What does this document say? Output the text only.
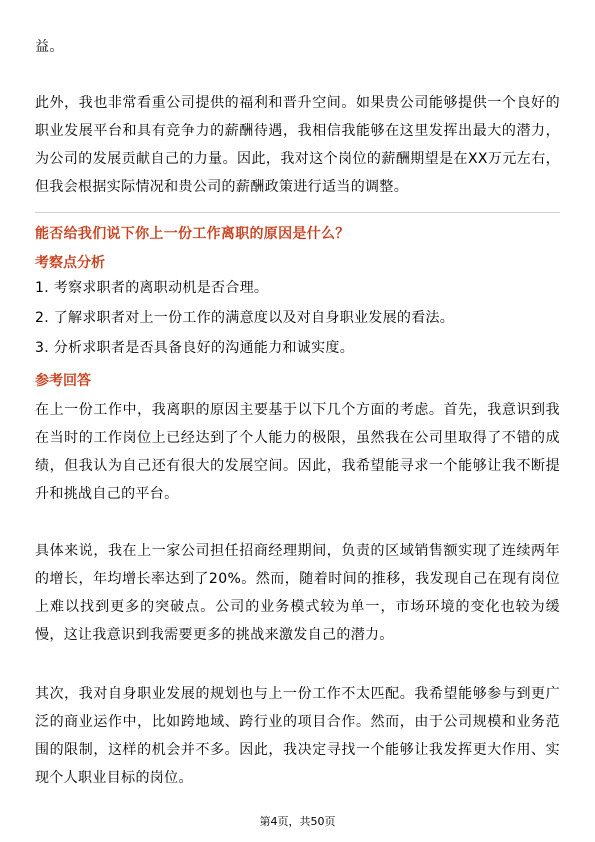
益。

此外，我也非常看重公司提供的福利和晋升空间。如果贵公司能够提供一个良好的职业发展平台和具有竞争力的薪酬待遇，我相信我能够在这里发挥出最大的潜力，为公司的发展贡献自己的力量。因此，我对这个岗位的薪酬期望是在XX万元左右，但我会根据实际情况和贵公司的薪酬政策进行适当的调整。

能否给我们说下你上一份工作离职的原因是什么？

考察点分析

1. 考察求职者的离职动机是否合理。
2. 了解求职者对上一份工作的满意度以及对自身职业发展的看法。
3. 分析求职者是否具备良好的沟通能力和诚实度。

参考回答

在上一份工作中，我离职的原因主要基于以下几个方面的考虑。首先，我意识到我在当时的工作岗位上已经达到了个人能力的极限，虽然我在公司里取得了不错的成绩，但我认为自己还有很大的发展空间。因此，我希望能寻求一个能够让我不断提升和挑战自己的平台。

具体来说，我在上一家公司担任招商经理期间，负责的区域销售额实现了连续两年的增长，年均增长率达到了20%。然而，随着时间的推移，我发现自己在现有岗位上难以找到更多的突破点。公司的业务模式较为单一，市场环境的变化也较为缓慢，这让我意识到我需要更多的挑战来激发自己的潜力。

其次，我对自身职业发展的规划也与上一份工作不太匹配。我希望能够参与到更广泛的商业运作中，比如跨地域、跨行业的项目合作。然而，由于公司规模和业务范围的限制，这样的机会并不多。因此，我决定寻找一个能够让我发挥更大作用、实现个人职业目标的岗位。

第4页，共50页
